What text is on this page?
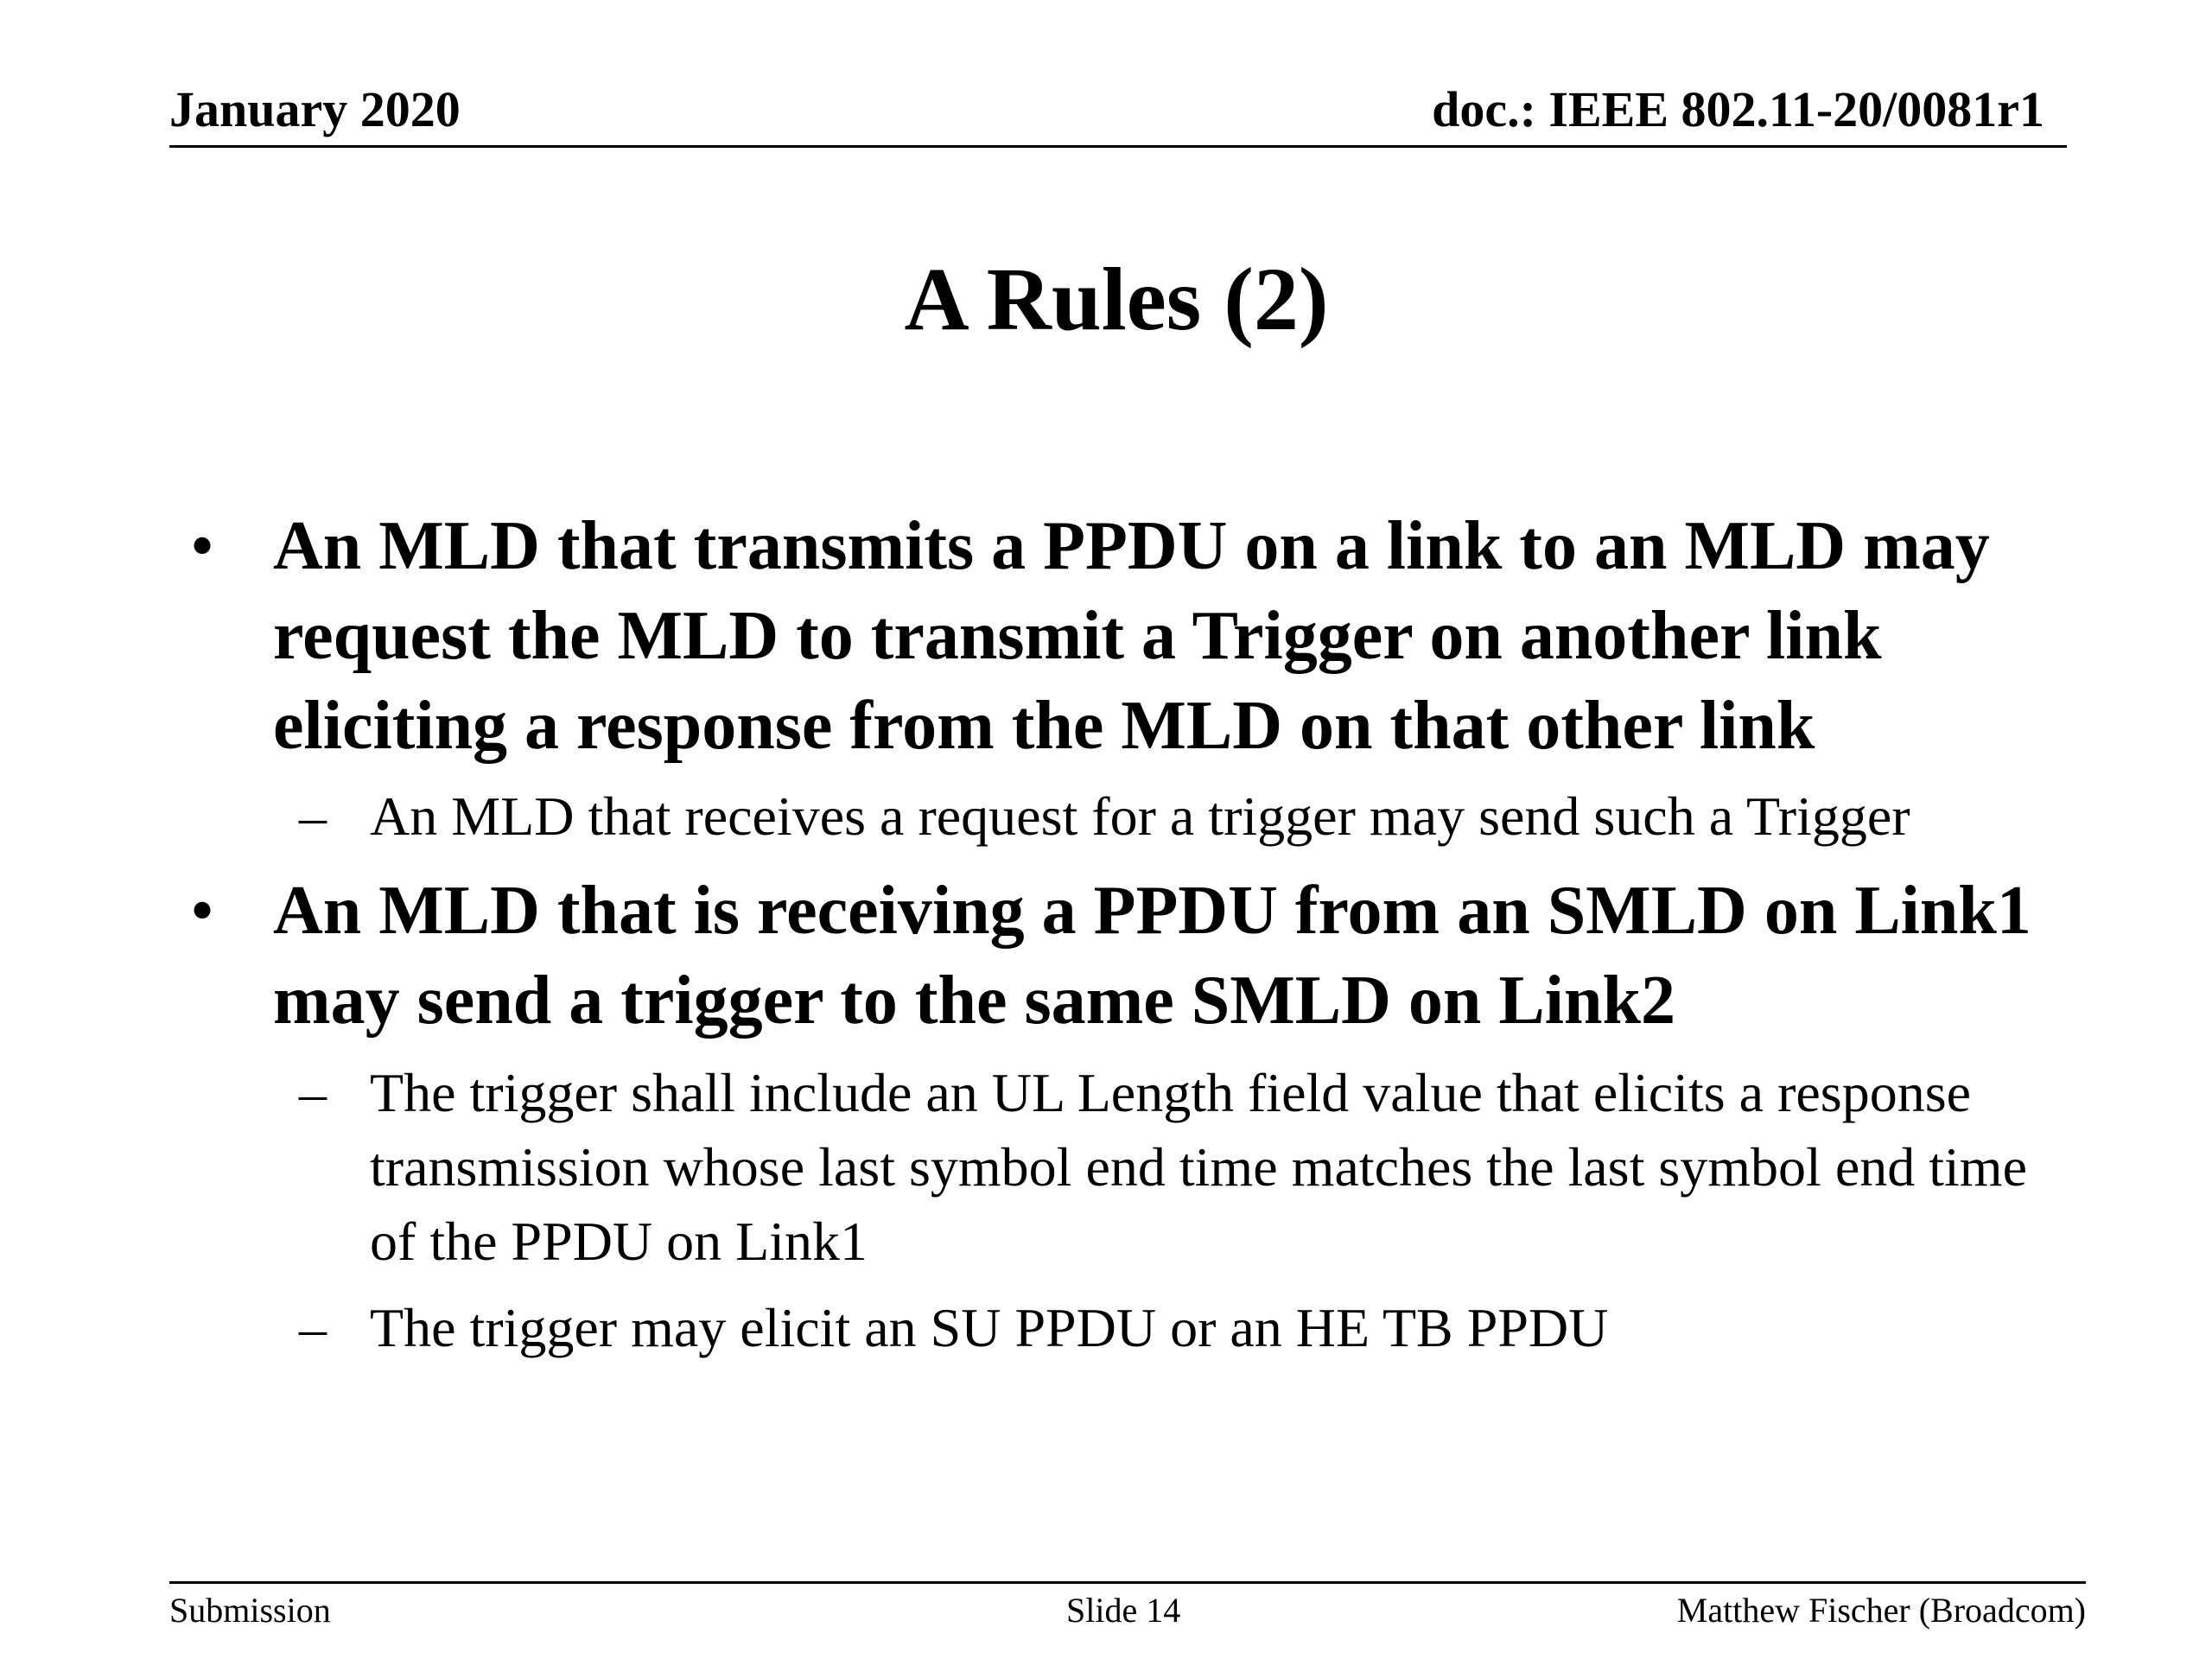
January 2020	doc.: IEEE 802.11-20/0081r1
A Rules (2)
• An MLD that transmits a PPDU on a link to an MLD may request the MLD to transmit a Trigger on another link eliciting a response from the MLD on that other link
– An MLD that receives a request for a trigger may send such a Trigger
• An MLD that is receiving a PPDU from an SMLD on Link1 may send a trigger to the same SMLD on Link2
– The trigger shall include an UL Length field value that elicits a response transmission whose last symbol end time matches the last symbol end time of the PPDU on Link1
– The trigger may elicit an SU PPDU or an HE TB PPDU
Submission	Slide 14	Matthew Fischer (Broadcom)
